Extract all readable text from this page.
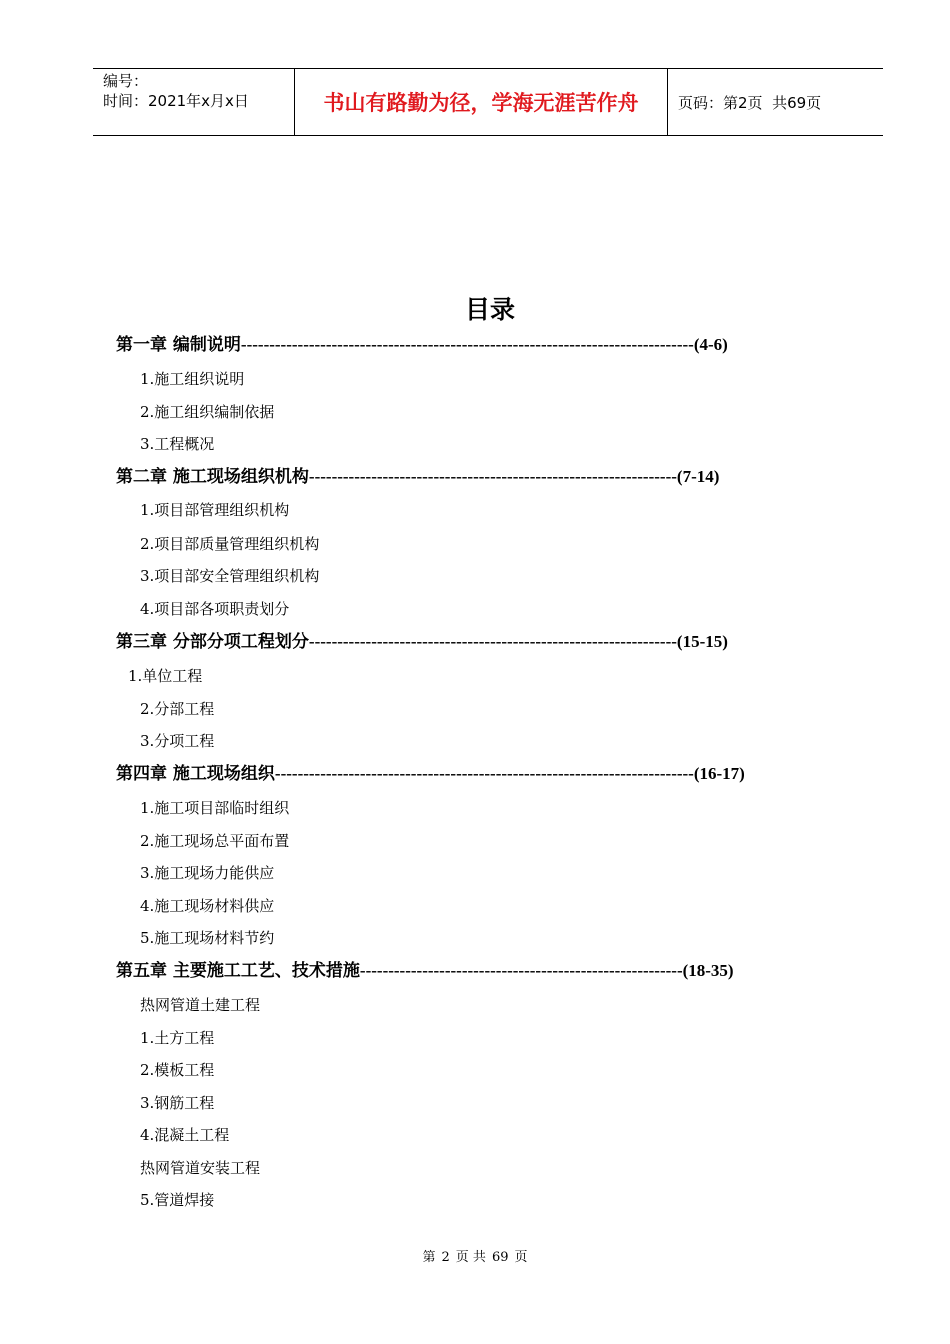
编号：
时间：2021年x月x日	书山有路勤为径，学海无涯苦作舟	页码：第2页  共69页
目录
第一章 编制说明--------------------------------------------------------------------------------(4-6)
1.施工组织说明
2.施工组织编制依据
3.工程概况
第二章 施工现场组织机构-----------------------------------------------------------------(7-14)
1.项目部管理组织机构
2.项目部质量管理组织机构
3.项目部安全管理组织机构
4.项目部各项职责划分
第三章 分部分项工程划分-----------------------------------------------------------------(15-15)
1.单位工程
2.分部工程
3.分项工程
第四章 施工现场组织--------------------------------------------------------------------------(16-17)
1.施工项目部临时组织
2.施工现场总平面布置
3.施工现场力能供应
4.施工现场材料供应
5.施工现场材料节约
第五章 主要施工工艺、技术措施---------------------------------------------------------(18-35)
热网管道土建工程
1.土方工程
2.模板工程
3.钢筋工程
4.混凝土工程
热网管道安装工程
5.管道焊接
第 2 页 共 69 页
